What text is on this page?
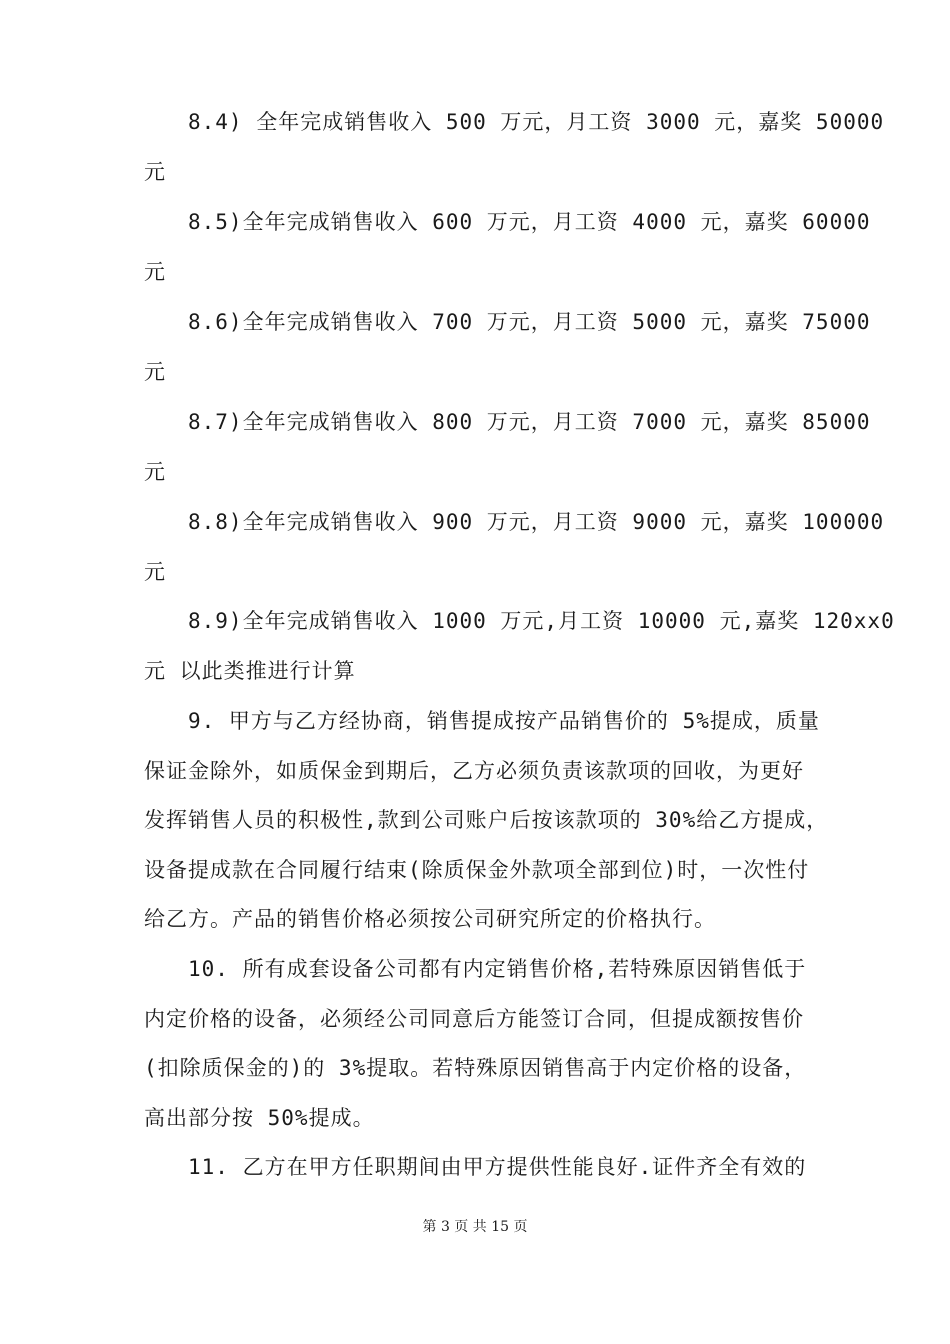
8.4) 全年完成销售收入 500 万元，月工资 3000 元，嘉奖 50000
元
8.5)全年完成销售收入 600 万元，月工资 4000 元，嘉奖 60000
元
8.6)全年完成销售收入 700 万元，月工资 5000 元，嘉奖 75000
元
8.7)全年完成销售收入 800 万元，月工资 7000 元，嘉奖 85000
元
8.8)全年完成销售收入 900 万元，月工资 9000 元，嘉奖 100000
元
8.9)全年完成销售收入 1000 万元,月工资 10000 元,嘉奖 120xx0
元 以此类推进行计算
9. 甲方与乙方经协商，销售提成按产品销售价的 5%提成，质量
保证金除外，如质保金到期后，乙方必须负责该款项的回收，为更好
发挥销售人员的积极性,款到公司账户后按该款项的 30%给乙方提成，
设备提成款在合同履行结束(除质保金外款项全部到位)时，一次性付
给乙方。产品的销售价格必须按公司研究所定的价格执行。
10. 所有成套设备公司都有内定销售价格,若特殊原因销售低于
内定价格的设备，必须经公司同意后方能签订合同，但提成额按售价
(扣除质保金的)的 3%提取。若特殊原因销售高于内定价格的设备，
高出部分按 50%提成。
11. 乙方在甲方任职期间由甲方提供性能良好.证件齐全有效的
第 3 页 共 15 页
